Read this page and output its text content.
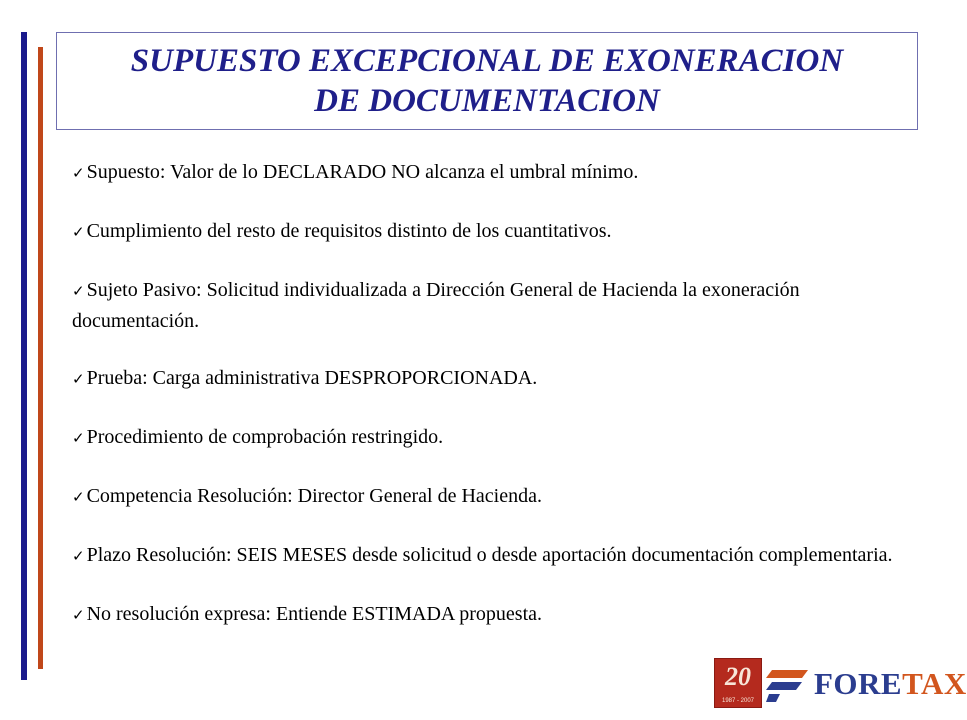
SUPUESTO EXCEPCIONAL DE EXONERACION
DE DOCUMENTACION
✓ Supuesto: Valor de lo DECLARADO NO alcanza el umbral mínimo.
✓ Cumplimiento del resto de requisitos distinto de los cuantitativos.
✓ Sujeto Pasivo: Solicitud individualizada a Dirección General de Hacienda la exoneración documentación.
✓ Prueba: Carga administrativa DESPROPORCIONADA.
✓ Procedimiento de comprobación restringido.
✓ Competencia Resolución: Director General de Hacienda.
✓ Plazo Resolución: SEIS MESES desde solicitud o desde aportación documentación complementaria.
✓ No resolución expresa: Entiende ESTIMADA propuesta.
20
1987 - 2007 FORETAX
